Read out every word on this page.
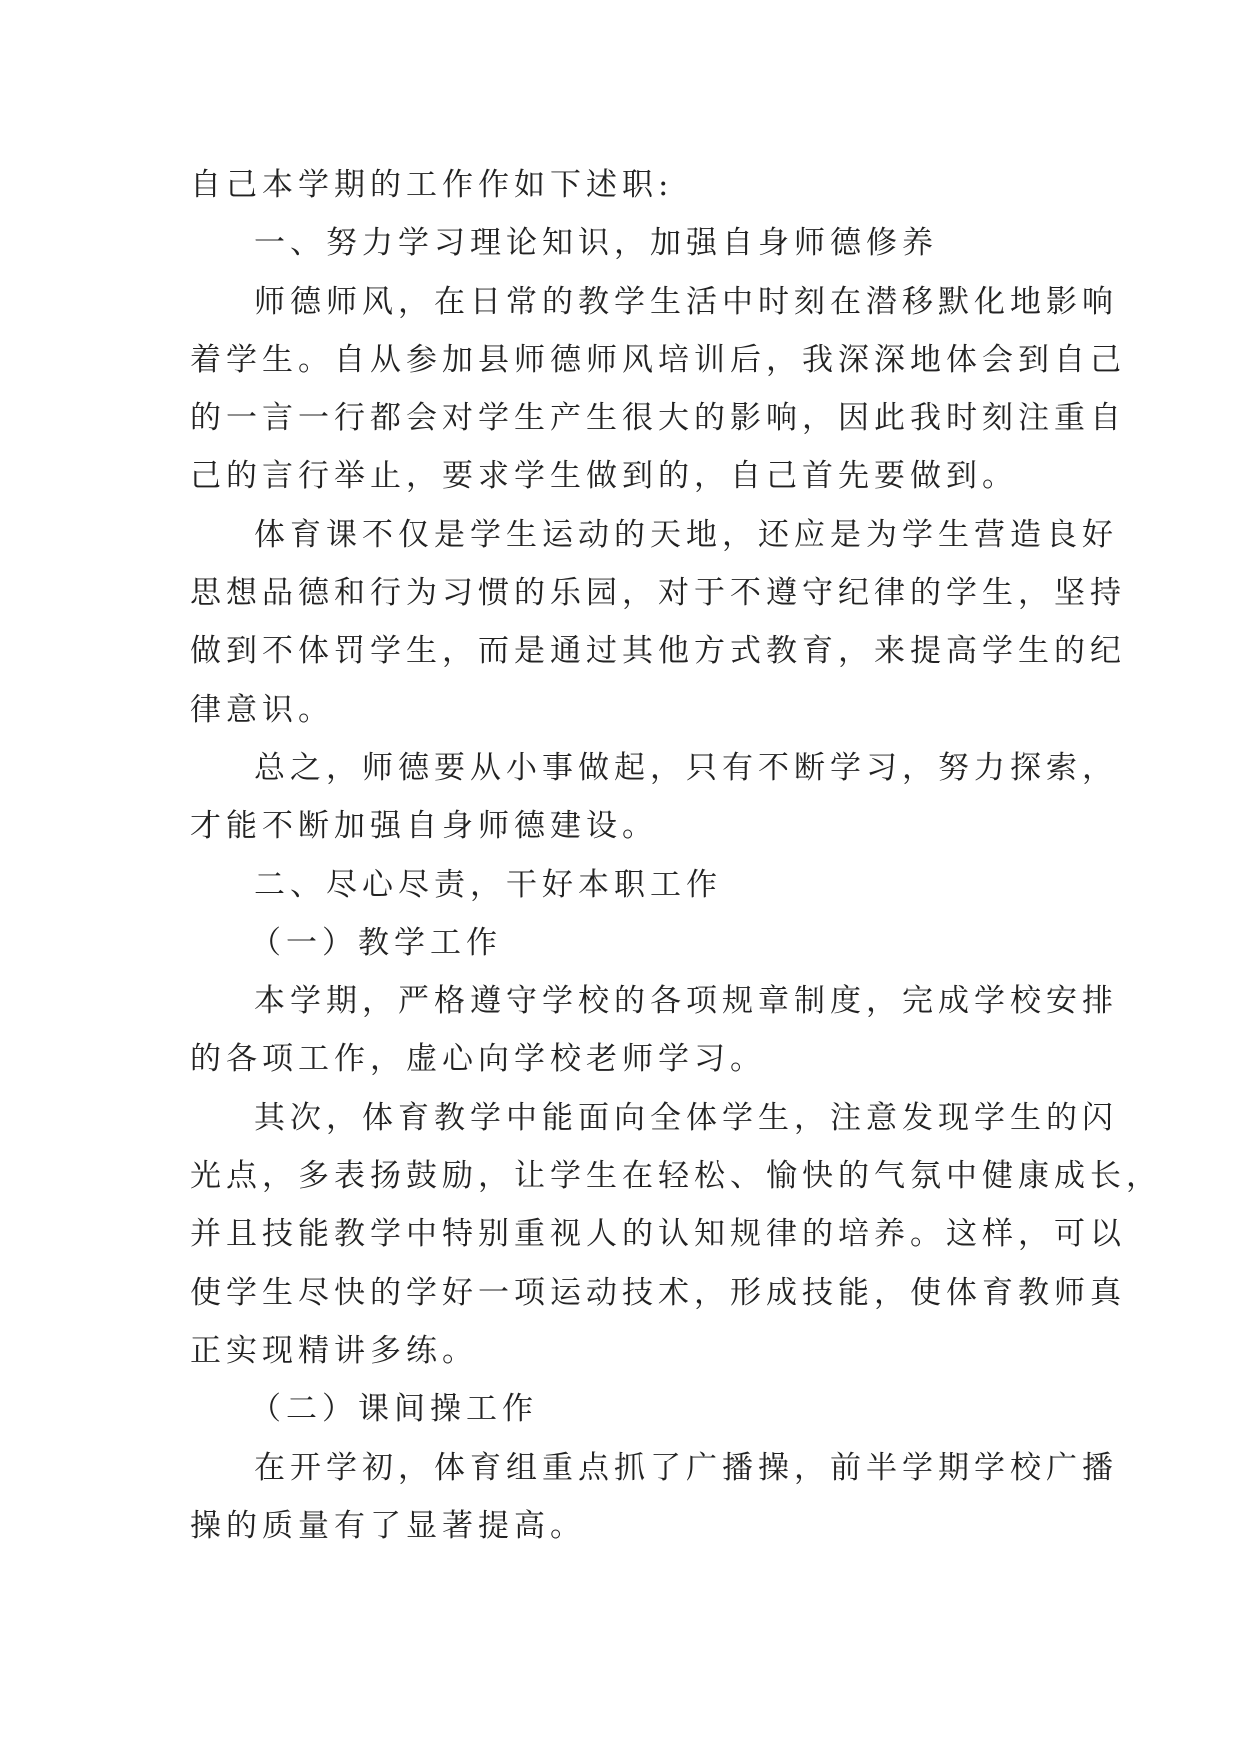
自己本学期的工作作如下述职:
一、努力学习理论知识，加强自身师德修养
师德师风，在日常的教学生活中时刻在潜移默化地影响
着学生。自从参加县师德师风培训后，我深深地体会到自己
的一言一行都会对学生产生很大的影响，因此我时刻注重自
己的言行举止，要求学生做到的，自己首先要做到。
体育课不仅是学生运动的天地，还应是为学生营造良好
思想品德和行为习惯的乐园，对于不遵守纪律的学生，坚持
做到不体罚学生，而是通过其他方式教育，来提高学生的纪
律意识。
总之，师德要从小事做起，只有不断学习，努力探索，
才能不断加强自身师德建设。
二、尽心尽责，干好本职工作
（一）教学工作
本学期，严格遵守学校的各项规章制度，完成学校安排
的各项工作，虚心向学校老师学习。
其次，体育教学中能面向全体学生，注意发现学生的闪
光点，多表扬鼓励，让学生在轻松、愉快的气氛中健康成长，
并且技能教学中特别重视人的认知规律的培养。这样，可以
使学生尽快的学好一项运动技术，形成技能，使体育教师真
正实现精讲多练。
（二）课间操工作
在开学初，体育组重点抓了广播操，前半学期学校广播
操的质量有了显著提高。
